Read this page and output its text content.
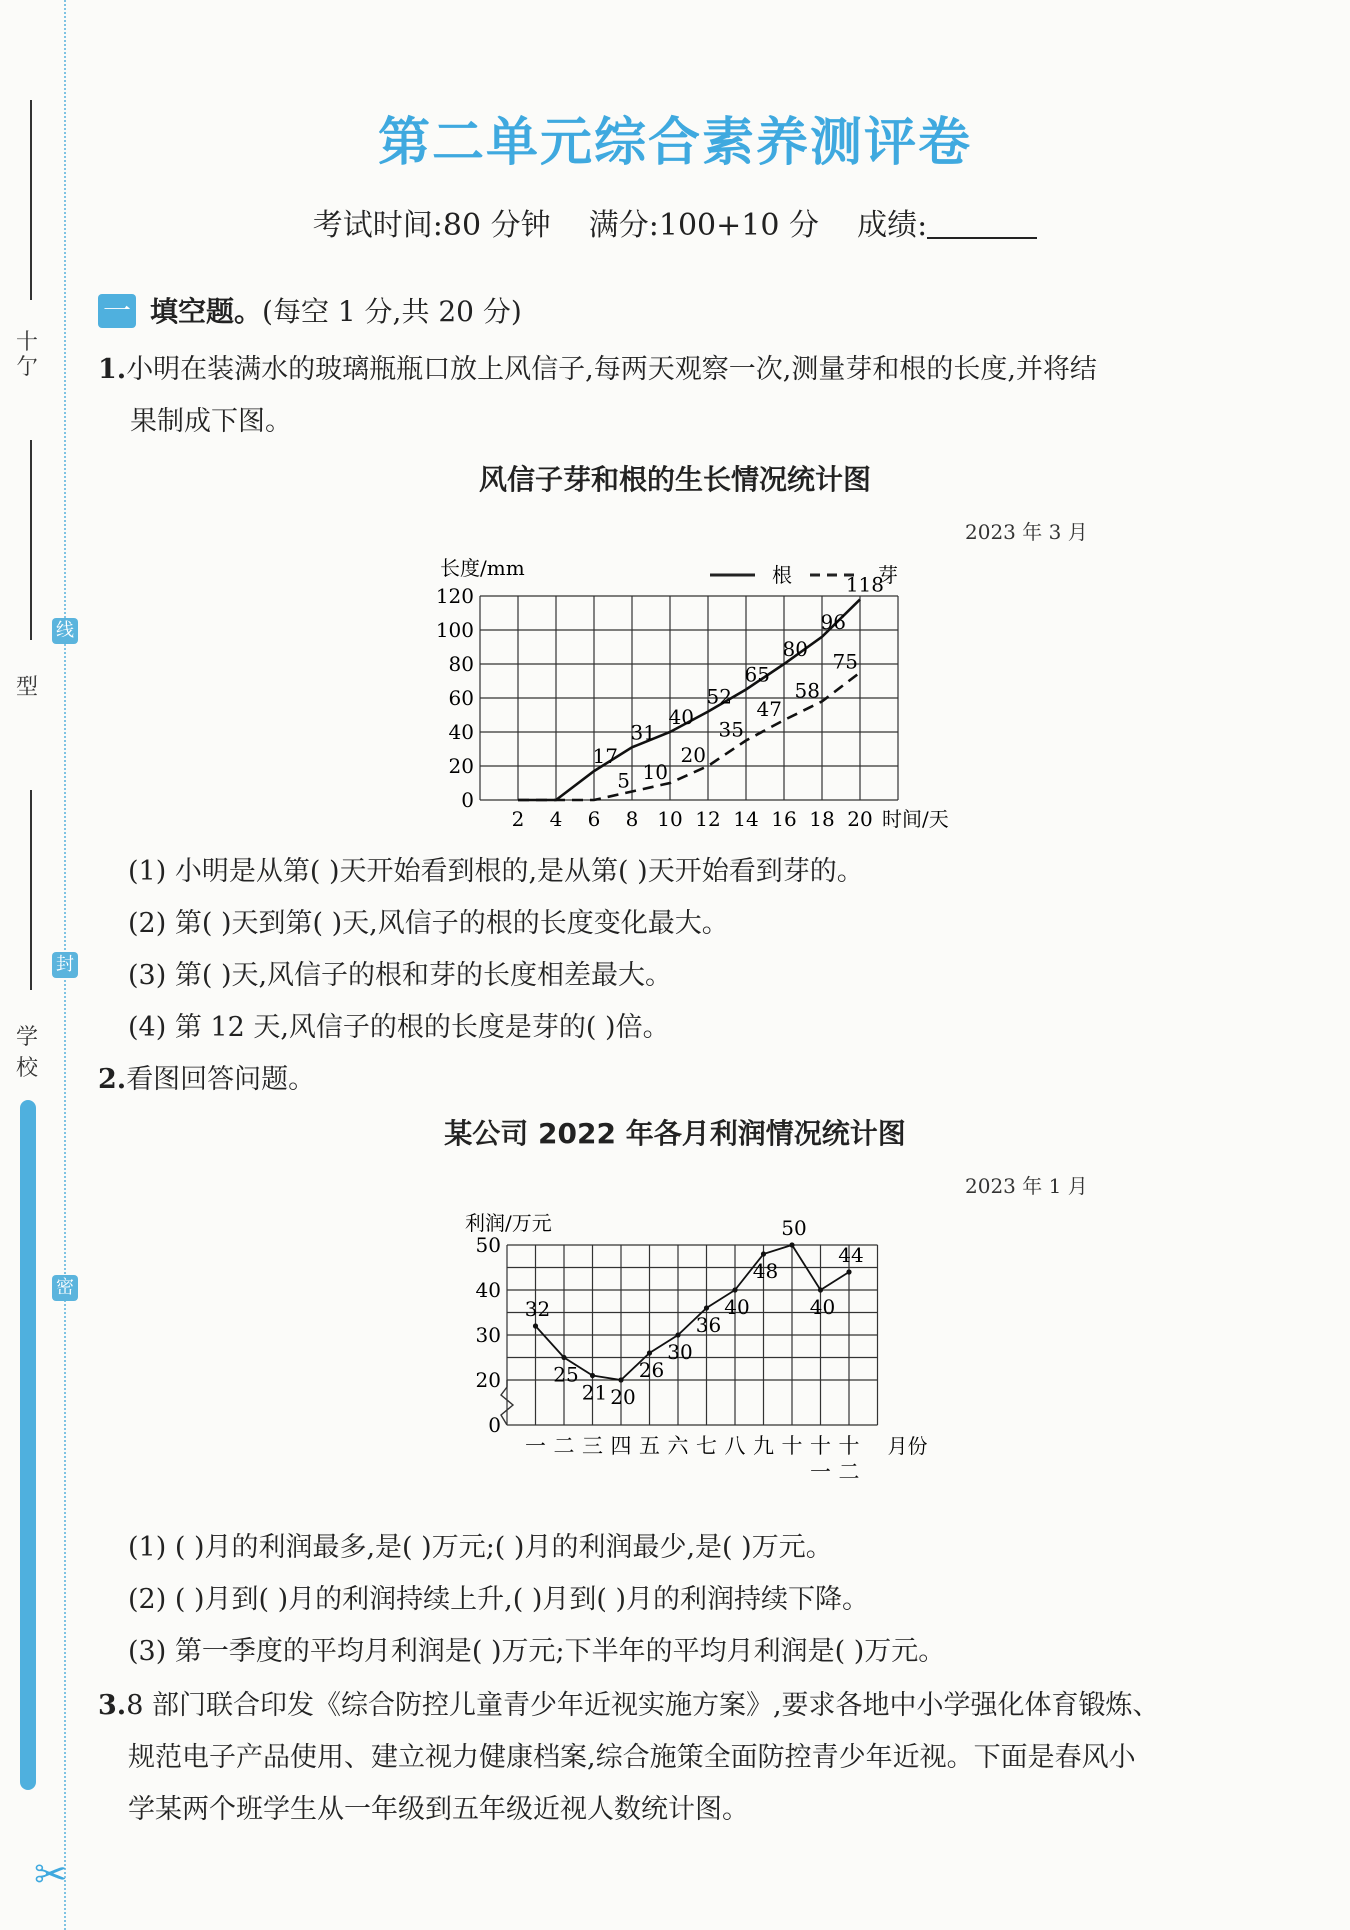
十
亇
型
学校
线
封
密
✂
第二单元综合素养测评卷
考试时间:80 分钟 满分:100+10 分 成绩:
一 填空题。(每空 1 分,共 20 分)
1.小明在装满水的玻璃瓶瓶口放上风信子,每两天观察一次,测量芽和根的长度,并将结
果制成下图。
风信子芽和根的生长情况统计图
2023 年 3 月
0
20
40
60
80
100
120
2 4 6 8 10 12 14 16 18 20 时间/天
长度/mm	根	芽
17
31
40
52
65
80
96
118
5 10
20
35
47
58
75
(1) 小明是从第( )天开始看到根的,是从第( )天开始看到芽的。
(2) 第( )天到第( )天,风信子的根的长度变化最大。
(3) 第( )天,风信子的根和芽的长度相差最大。
(4) 第 12 天,风信子的根的长度是芽的( )倍。
2.看图回答问题。
某公司 2022 年各月利润情况统计图
2023 年 1 月
0
20
30
40
50
利润/万元
一 二 三 四 五 六 七 八 九 十 十一
十二
月份
32
25
21 20
26
30
36
40
48
50
40
44
(1) ( )月的利润最多,是( )万元;( )月的利润最少,是( )万元。
(2) ( )月到( )月的利润持续上升,( )月到( )月的利润持续下降。
(3) 第一季度的平均月利润是( )万元;下半年的平均月利润是( )万元。
3.8 部门联合印发《综合防控儿童青少年近视实施方案》,要求各地中小学强化体育锻炼、
规范电子产品使用、建立视力健康档案,综合施策全面防控青少年近视。下面是春风小
学某两个班学生从一年级到五年级近视人数统计图。
